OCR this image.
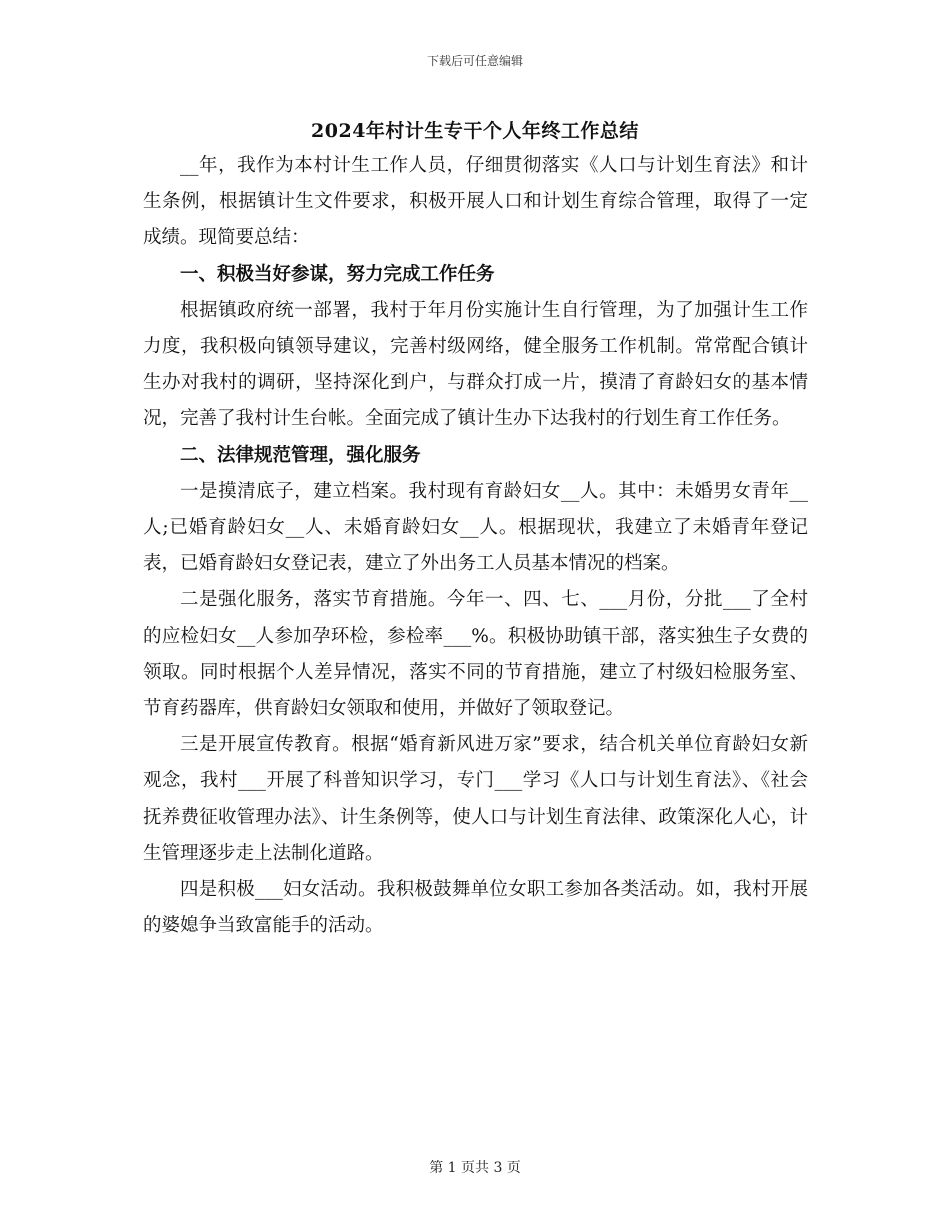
下载后可任意编辑
2024年村计生专干个人年终工作总结

__年，我作为本村计生工作人员，仔细贯彻落实《人口与计划生育法》和计生条例，根据镇计生文件要求，积极开展人口和计划生育综合管理，取得了一定成绩。现简要总结：

一、积极当好参谋，努力完成工作任务

根据镇政府统一部署，我村于年月份实施计生自行管理，为了加强计生工作力度，我积极向镇领导建议，完善村级网络，健全服务工作机制。常常配合镇计生办对我村的调研，坚持深化到户，与群众打成一片，摸清了育龄妇女的基本情况，完善了我村计生台帐。全面完成了镇计生办下达我村的行划生育工作任务。

二、法律规范管理，强化服务

一是摸清底子，建立档案。我村现有育龄妇女__人。其中：未婚男女青年__人;已婚育龄妇女__人、未婚育龄妇女__人。根据现状，我建立了未婚青年登记表，已婚育龄妇女登记表，建立了外出务工人员基本情况的档案。

二是强化服务，落实节育措施。今年一、四、七、___月份，分批___了全村的应检妇女__人参加孕环检，参检率___%。积极协助镇干部，落实独生子女费的领取。同时根据个人差异情况，落实不同的节育措施，建立了村级妇检服务室、节育药器库，供育龄妇女领取和使用，并做好了领取登记。

三是开展宣传教育。根据“婚育新风进万家”要求，结合机关单位育龄妇女新观念，我村___开展了科普知识学习，专门___学习《人口与计划生育法》、《社会抚养费征收管理办法》、计生条例等，使人口与计划生育法律、政策深化人心，计生管理逐步走上法制化道路。

四是积极___妇女活动。我积极鼓舞单位女职工参加各类活动。如，我村开展的婆媳争当致富能手的活动。

第 1 页共 3 页
